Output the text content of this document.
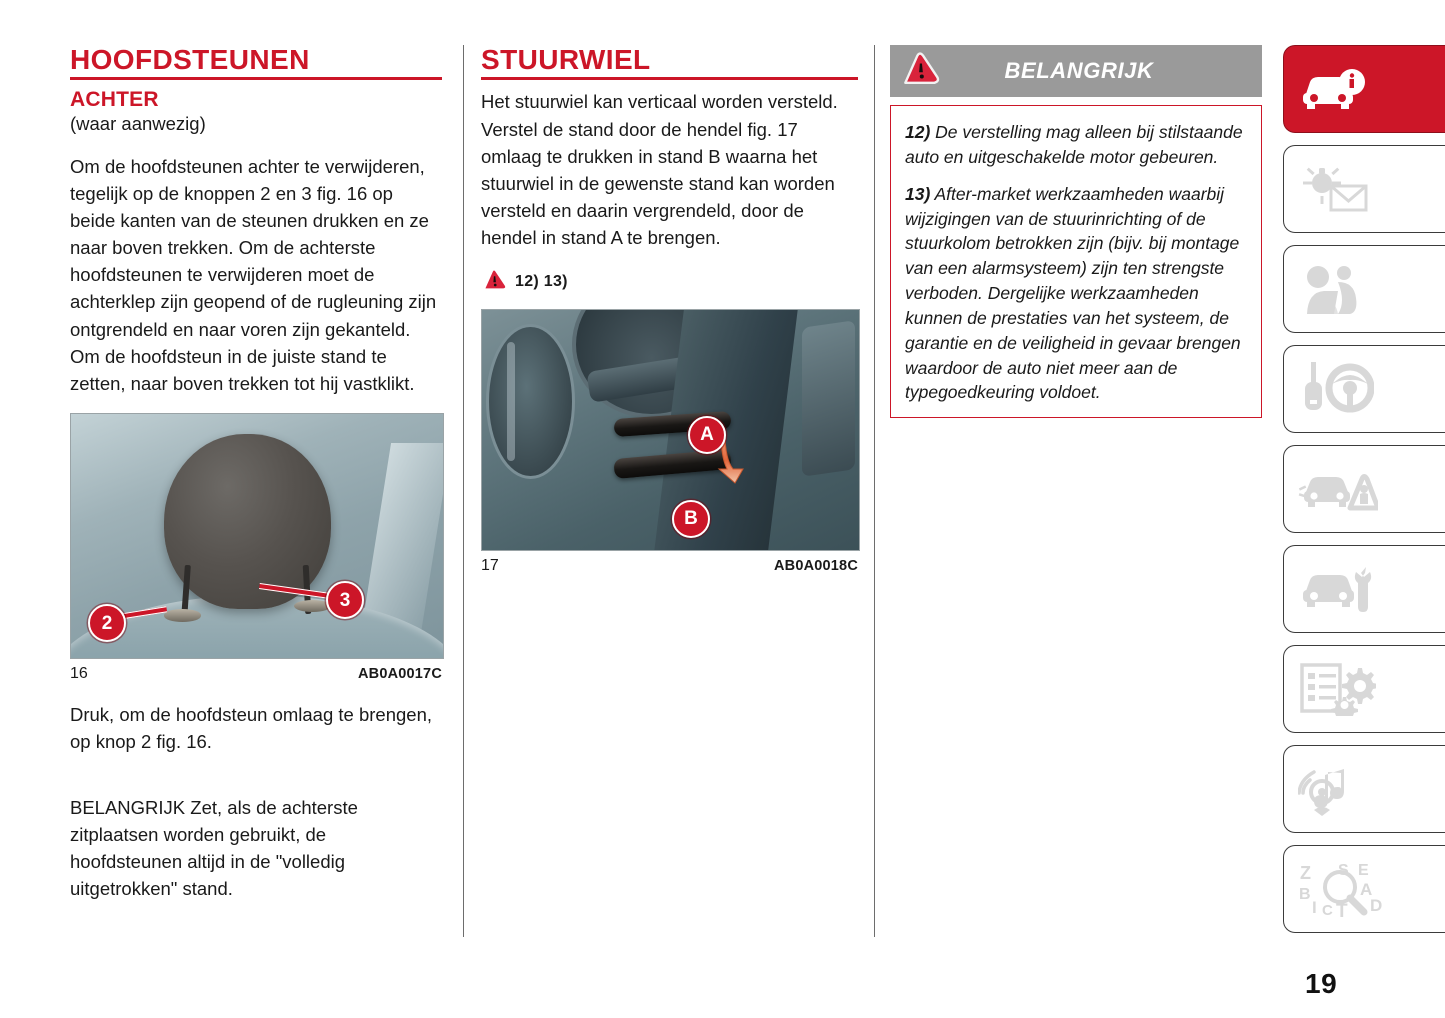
HOOFDSTEUNEN
ACHTER
(waar aanwezig)

Om de hoofdsteunen achter te verwijderen, tegelijk op de knoppen 2 en 3 fig. 16 op beide kanten van de steunen drukken en ze naar boven trekken. Om de achterste hoofdsteunen te verwijderen moet de achterklep zijn geopend of de rugleuning zijn ontgrendeld en naar voren zijn gekanteld. Om de hoofdsteun in de juiste stand te zetten, naar boven trekken tot hij vastklikt.

2
3
16	AB0A0017C

Druk, om de hoofdsteun omlaag te brengen, op knop 2 fig. 16.

BELANGRIJK Zet, als de achterste zitplaatsen worden gebruikt, de hoofdsteunen altijd in de "volledig uitgetrokken" stand.

STUURWIEL

Het stuurwiel kan verticaal worden versteld.

Verstel de stand door de hendel fig. 17 omlaag te drukken in stand B waarna het stuurwiel in de gewenste stand kan worden versteld en daarin vergrendeld, door de hendel in stand A te brengen.

12) 13)
A
B
17	AB0A0018C
BELANGRIJK

12) De verstelling mag alleen bij stilstaande auto en uitgeschakelde motor gebeuren.

13) After-market werkzaamheden waarbij wijzigingen van de stuurinrichting of de stuurkolom betrokken zijn (bijv. bij montage van een alarmsysteem) zijn ten strengste verboden. Dergelijke werkzaamheden kunnen de prestaties van het systeem, de garantie en de veiligheid in gevaar brengen waardoor de auto niet meer aan de typegoedkeuring voldoet.

Z S E
B	A
I C T D
19
